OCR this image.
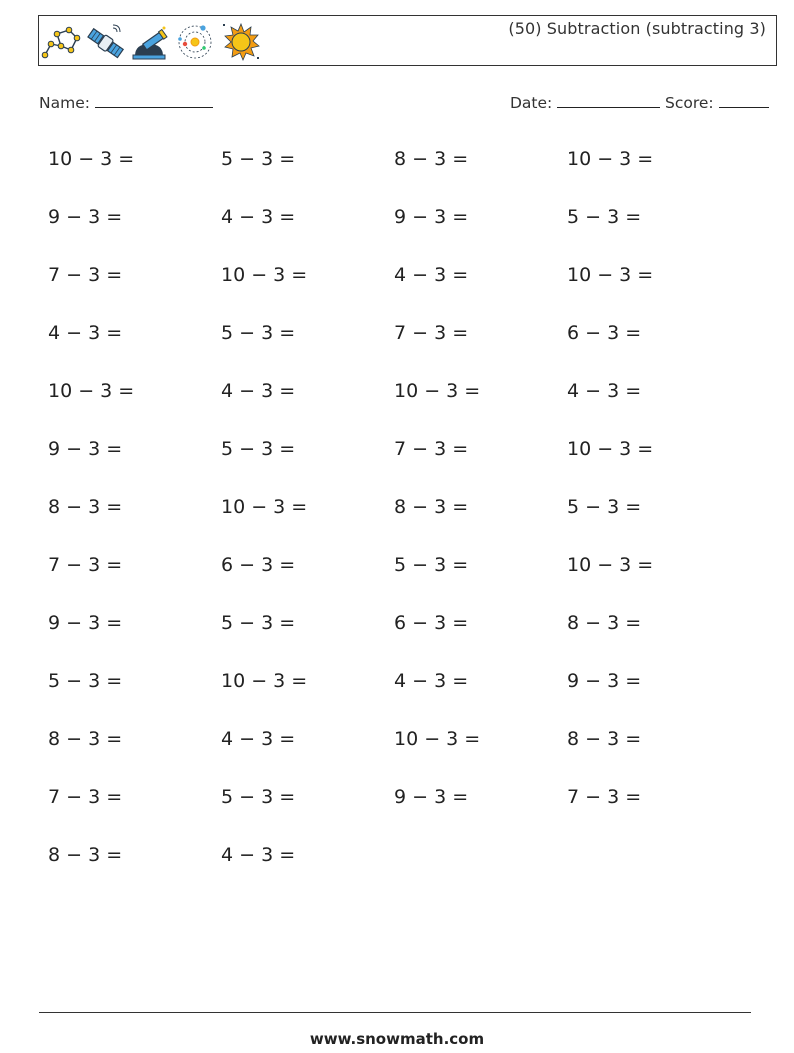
(50) Subtraction (subtracting 3)
Name:	Date:	Score:
10 − 3 =	5 − 3 =	8 − 3 =	10 − 3 =
9 − 3 =	4 − 3 =	9 − 3 =	5 − 3 =
7 − 3 =	10 − 3 =	4 − 3 =	10 − 3 =
4 − 3 =	5 − 3 =	7 − 3 =	6 − 3 =
10 − 3 =	4 − 3 =	10 − 3 =	4 − 3 =
9 − 3 =	5 − 3 =	7 − 3 =	10 − 3 =
8 − 3 =	10 − 3 =	8 − 3 =	5 − 3 =
7 − 3 =	6 − 3 =	5 − 3 =	10 − 3 =
9 − 3 =	5 − 3 =	6 − 3 =	8 − 3 =
5 − 3 =	10 − 3 =	4 − 3 =	9 − 3 =
8 − 3 =	4 − 3 =	10 − 3 =	8 − 3 =
7 − 3 =	5 − 3 =	9 − 3 =	7 − 3 =
8 − 3 =	4 − 3 =
www.snowmath.com
